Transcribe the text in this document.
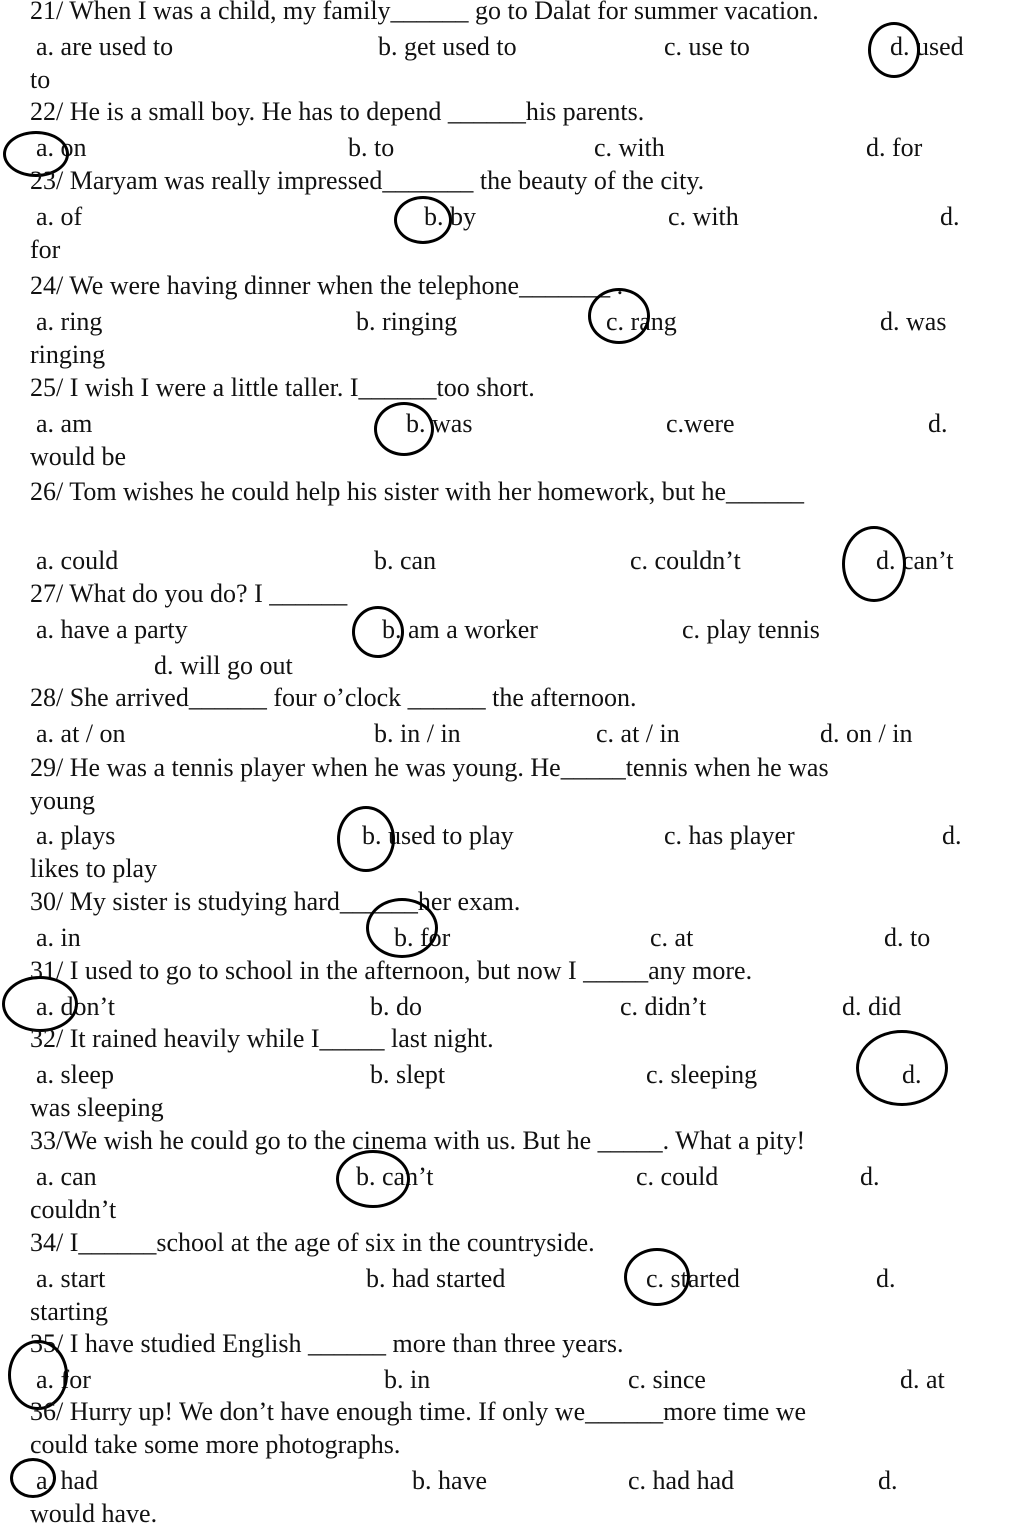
21/ When I was a child, my family______ go to Dalat for summer vacation.
a. are used to	b. get used to	c. use to	d. used
to
22/ He is a small boy. He has to depend ______his parents.
a. on	b. to	c. with	d. for
23/ Maryam was really impressed_______ the beauty of the city.
a. of	b. by	c. with	d.
for
24/ We were having dinner when the telephone_______ .
a. ring	b. ringing	c. rang	d. was
ringing
25/ I wish I were a little taller. I______too short.
a. am	b. was	c.were	d.
would be
26/ Tom wishes he could help his sister with her homework, but he______
a. could	b. can	c. couldn’t	d. can’t
27/ What do you do? I ______
a. have a party	b. am a worker	c. play tennis
d. will go out
28/ She arrived______ four o’clock ______ the afternoon.
a. at / on	b. in / in	c. at / in	d. on / in
29/ He was a tennis player when he was young. He_____tennis when he was
young
a. plays	b. used to play	c. has player	d.
likes to play
30/ My sister is studying hard______her exam.
a. in	b. for	c. at	d. to
31/ I used to go to school in the afternoon, but now I _____any more.
a. don’t	b. do	c. didn’t	d. did
32/ It rained heavily while I_____ last night.
a. sleep	b. slept	c. sleeping	d.
was sleeping
33/We wish he could go to the cinema with us. But he _____. What a pity!
a. can	b. can’t	c. could	d.
couldn’t
34/ I______school at the age of six in the countryside.
a. start	b. had started	c. started	d.
starting
35/ I have studied English ______ more than three years.
a. for	b. in	c. since	d. at
36/ Hurry up! We don’t have enough time. If only we______more time we
could take some more photographs.
a. had	b. have	c. had had	d.
would have.
